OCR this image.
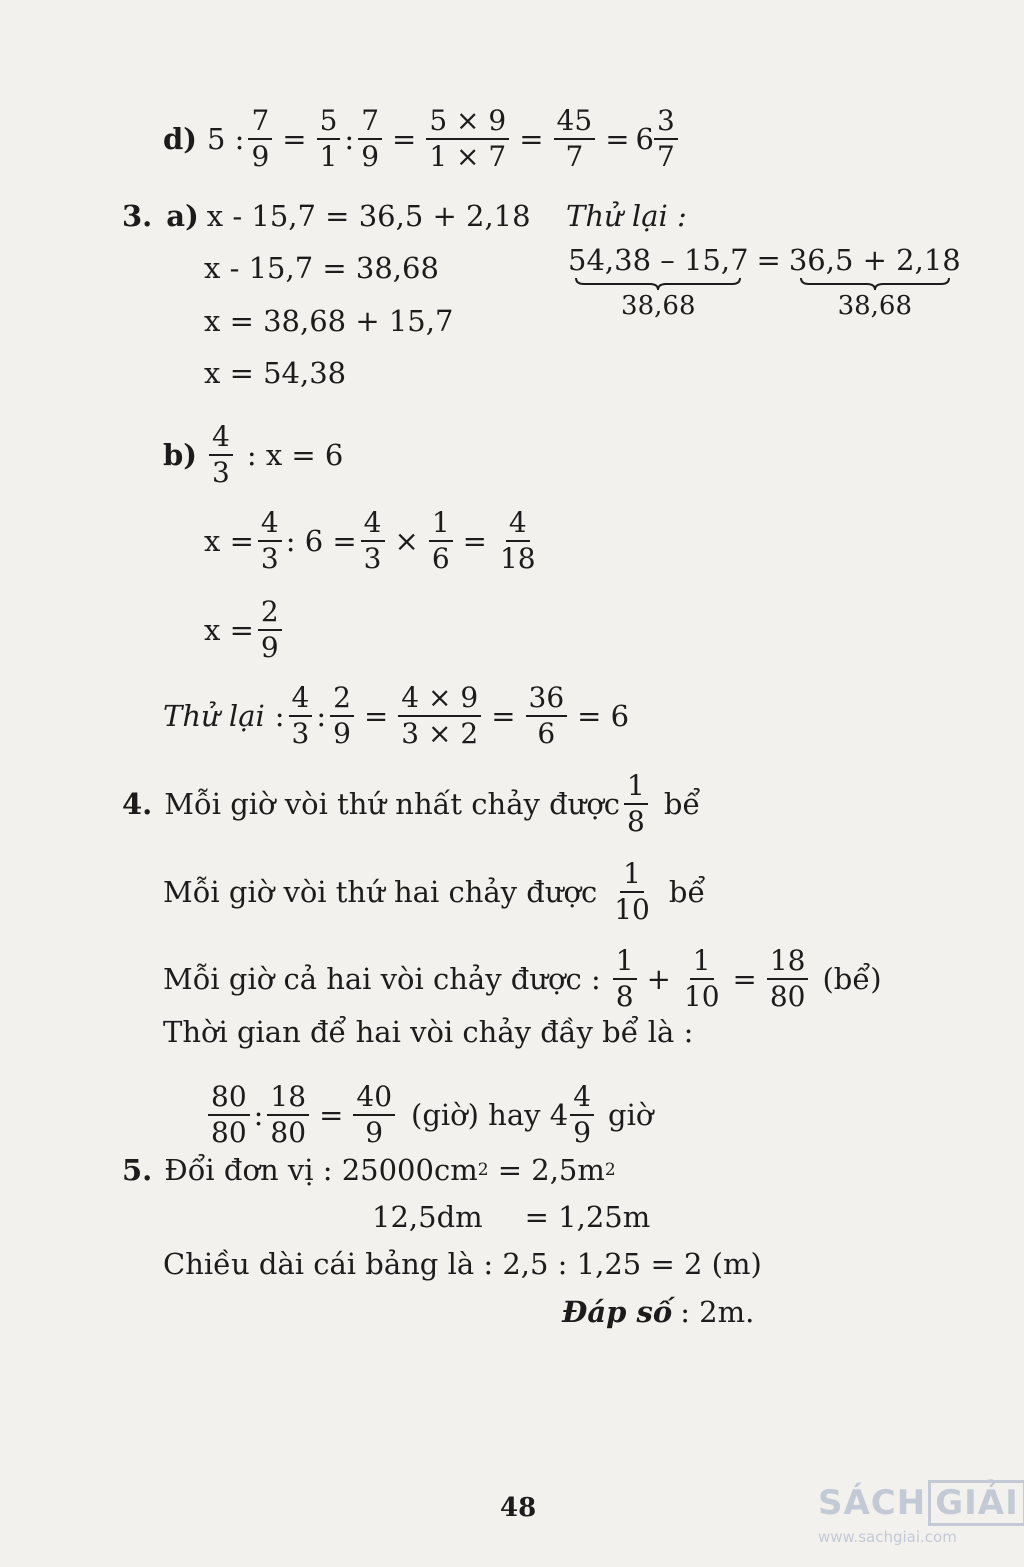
d) 5 : $\frac{7}{9} = \frac{5}{1}$ : $\frac{7}{9} = \frac{5 \times 9}{1 \times 7} = \frac{45}{7} = 6 \frac{3}{7}$
3. a) x - 15,7 = 36,5 + 2,18
x - 15,7 = 38,68
x = 38,68 + 15,7
x = 54,38
Thử lại :
54,38 – 15,7
38,68
= 36,5 + 2,18
38,68
$b) \frac{4}{3}$ : x = 6
$x = \frac{4}{3}$ : $6 = \frac{4}{3} \times \frac{1}{6} = \frac{4}{18}$
$x = \frac{2}{9}$
Thử lại : $\frac{4}{3}$ : $\frac{2}{9} = \frac{4 \times 9}{3 \times 2} = \frac{36}{6} = 6$
4. Mỗi giờ vòi thứ nhất chảy được $\frac{1}{8}$ bể
Mỗi giờ vòi thứ hai chảy được $\frac{1}{10}$ bể
Mỗi giờ cả hai vòi chảy được : $\frac{1}{8} + \frac{1}{10} = \frac{18}{80}$ (bể)
Thời gian để hai vòi chảy đầy bể là :
$\frac{80}{80}$ : $\frac{18}{80} = \frac{40}{9}$ (giờ) hay $4 \frac{4}{9}$ giờ
5. Đổi đơn vị : 25000cm 2 = 2,5m 2
12,5dm = 1,25m
Chiều dài cái bảng là : 2,5 : 1,25 = 2 (m)
Đáp số : 2m.
48	SÁCH GIẢI
www.sachgiai.com
